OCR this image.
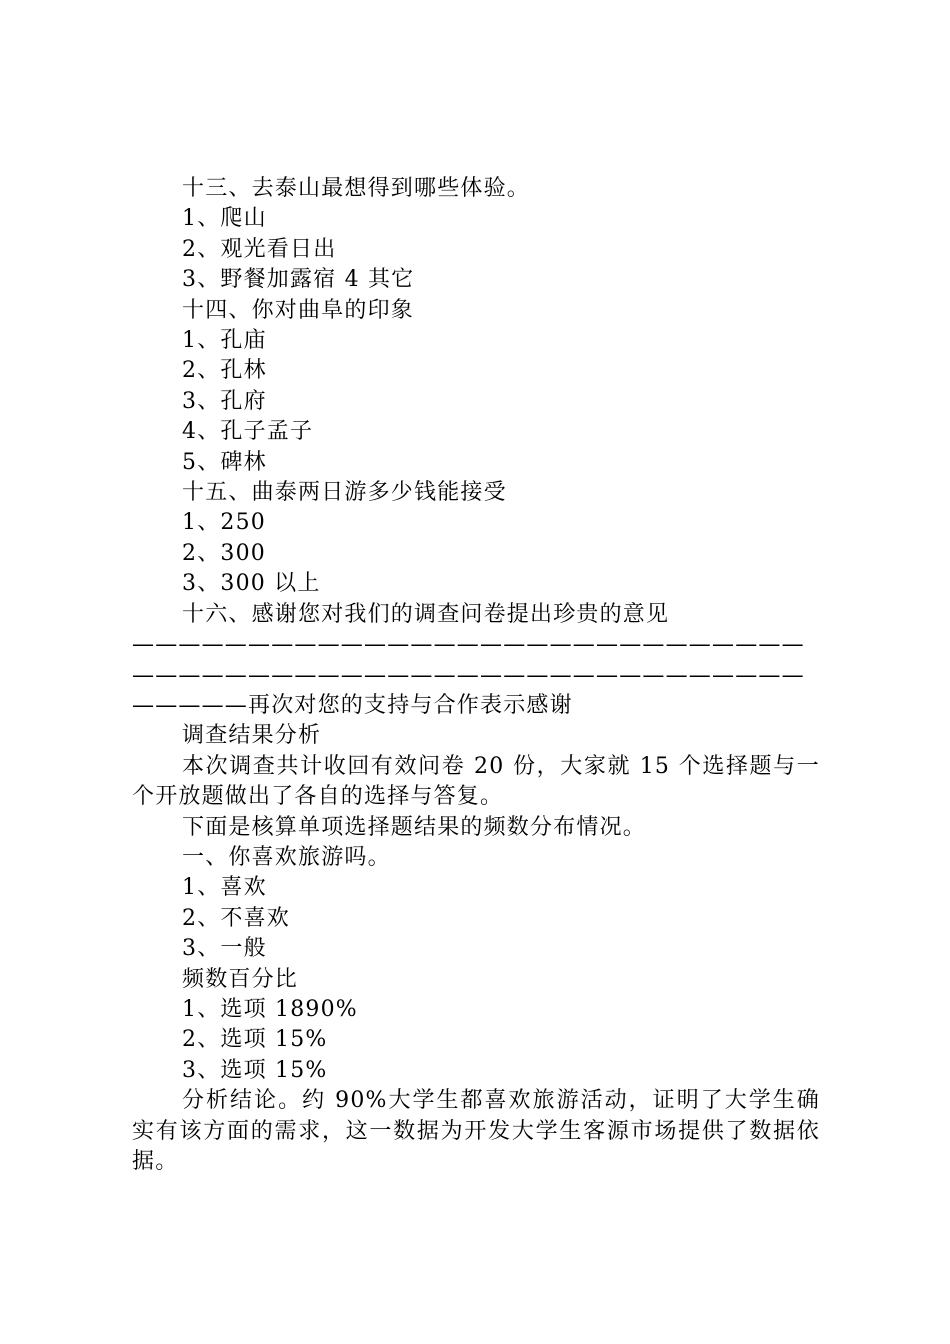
十三、去泰山最想得到哪些体验。

1、爬山

2、观光看日出

3、野餐加露宿 4 其它

十四、你对曲阜的印象

1、孔庙

2、孔林

3、孔府

4、孔子孟子

5、碑林

十五、曲泰两日游多少钱能接受

1、250

2、300

3、300 以上

十六、感谢您对我们的调查问卷提出珍贵的意见———————————————————————————————————————————————————————————————再次对您的支持与合作表示感谢

调查结果分析

本次调查共计收回有效问卷 20 份，大家就 15 个选择题与一个开放题做出了各自的选择与答复。

下面是核算单项选择题结果的频数分布情况。

一、你喜欢旅游吗。

1、喜欢

2、不喜欢

3、一般

频数百分比

1、选项 1890%

2、选项 15%

3、选项 15%

分析结论。约 90%大学生都喜欢旅游活动，证明了大学生确实有该方面的需求，这一数据为开发大学生客源市场提供了数据依据。
